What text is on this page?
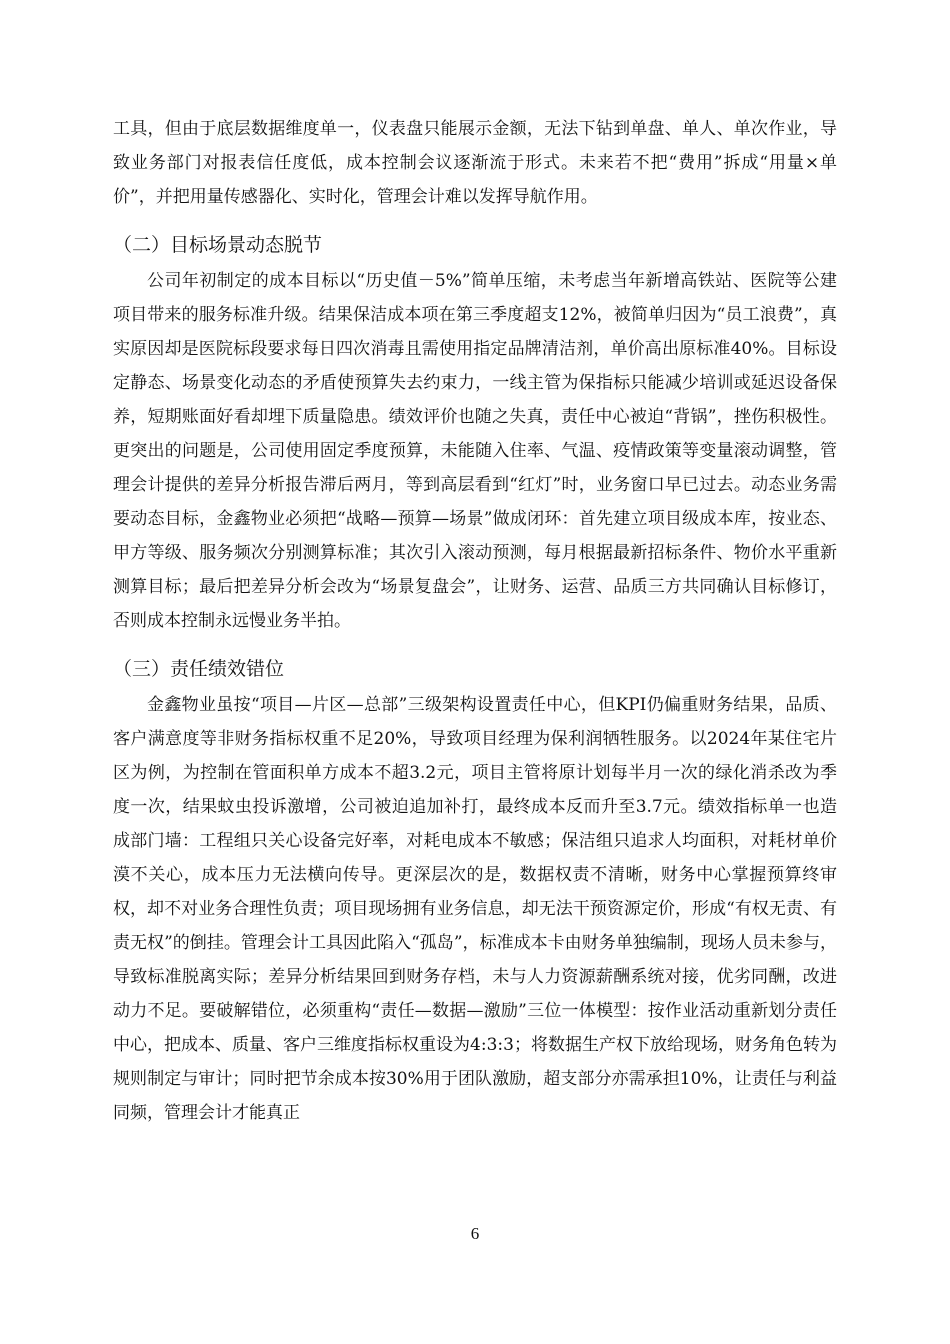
工具，但由于底层数据维度单一，仪表盘只能展示金额，无法下钻到单盘、单人、单次作业，导致业务部门对报表信任度低，成本控制会议逐渐流于形式。未来若不把“费用”拆成“用量×单价”，并把用量传感器化、实时化，管理会计难以发挥导航作用。

（二）目标场景动态脱节

公司年初制定的成本目标以“历史值－5%”简单压缩，未考虑当年新增高铁站、医院等公建项目带来的服务标准升级。结果保洁成本项在第三季度超支12%，被简单归因为“员工浪费”，真实原因却是医院标段要求每日四次消毒且需使用指定品牌清洁剂，单价高出原标准40%。目标设定静态、场景变化动态的矛盾使预算失去约束力，一线主管为保指标只能减少培训或延迟设备保养，短期账面好看却埋下质量隐患。绩效评价也随之失真，责任中心被迫“背锅”，挫伤积极性。更突出的问题是，公司使用固定季度预算，未能随入住率、气温、疫情政策等变量滚动调整，管理会计提供的差异分析报告滞后两月，等到高层看到“红灯”时，业务窗口早已过去。动态业务需要动态目标，金鑫物业必须把“战略—预算—场景”做成闭环：首先建立项目级成本库，按业态、甲方等级、服务频次分别测算标准；其次引入滚动预测，每月根据最新招标条件、物价水平重新测算目标；最后把差异分析会改为“场景复盘会”，让财务、运营、品质三方共同确认目标修订，否则成本控制永远慢业务半拍。

（三）责任绩效错位

金鑫物业虽按“项目—片区—总部”三级架构设置责任中心，但KPI仍偏重财务结果，品质、客户满意度等非财务指标权重不足20%，导致项目经理为保利润牺牲服务。以2024年某住宅片区为例，为控制在管面积单方成本不超3.2元，项目主管将原计划每半月一次的绿化消杀改为季度一次，结果蚊虫投诉激增，公司被迫追加补打，最终成本反而升至3.7元。绩效指标单一也造成部门墙：工程组只关心设备完好率，对耗电成本不敏感；保洁组只追求人均面积，对耗材单价漠不关心，成本压力无法横向传导。更深层次的是，数据权责不清晰，财务中心掌握预算终审权，却不对业务合理性负责；项目现场拥有业务信息，却无法干预资源定价，形成“有权无责、有责无权”的倒挂。管理会计工具因此陷入“孤岛”，标准成本卡由财务单独编制，现场人员未参与，导致标准脱离实际；差异分析结果回到财务存档，未与人力资源薪酬系统对接，优劣同酬，改进动力不足。要破解错位，必须重构“责任—数据—激励”三位一体模型：按作业活动重新划分责任中心，把成本、质量、客户三维度指标权重设为4:3:3；将数据生产权下放给现场，财务角色转为规则制定与审计；同时把节余成本按30%用于团队激励，超支部分亦需承担10%，让责任与利益同频，管理会计才能真正

6
